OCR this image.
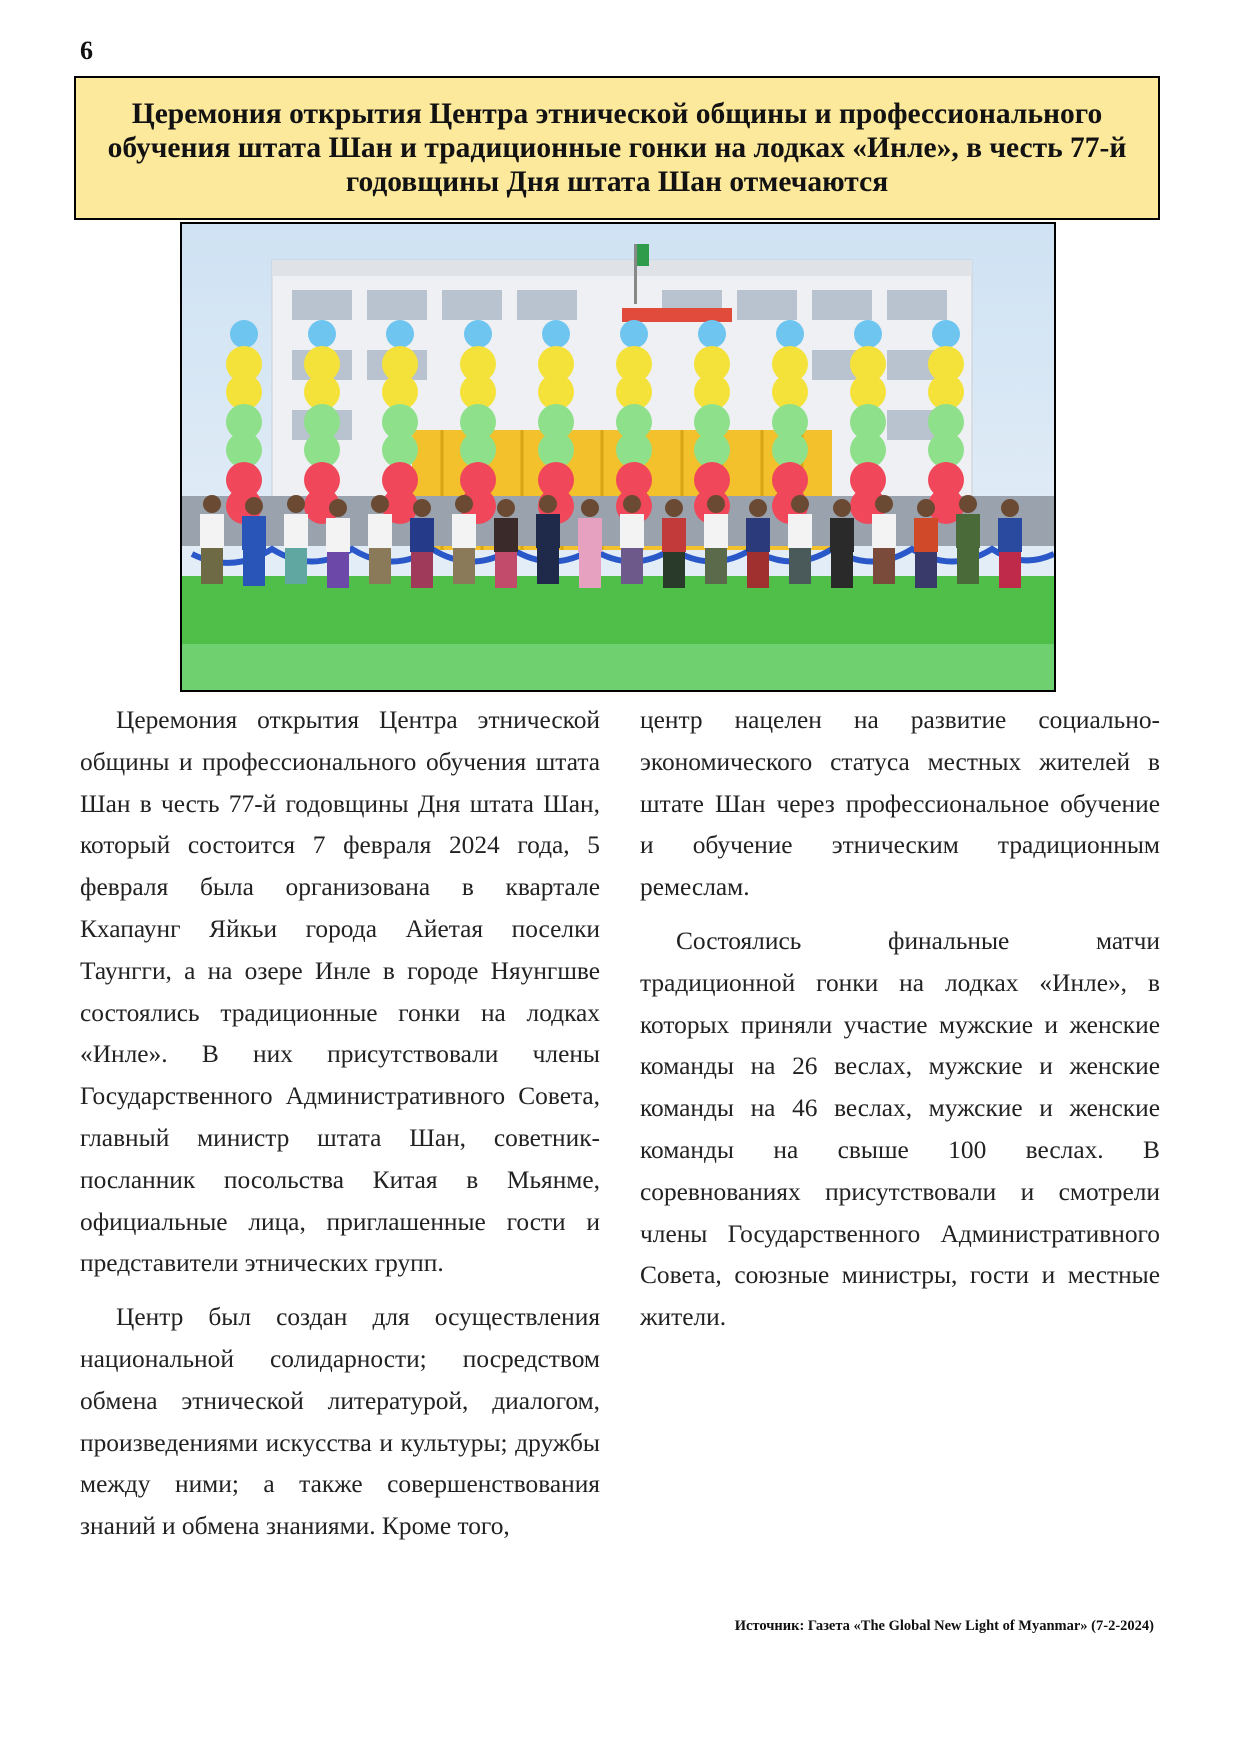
6
Церемония открытия Центра этнической общины и профессионального обучения штата Шан и традиционные гонки на лодках «Инле», в честь 77-й годовщины Дня штата Шан отмечаются

Церемония открытия Центра этнической общины и профессионального обучения штата Шан в честь 77-й годовщины Дня штата Шан, который состоится 7 февраля 2024 года, 5 февраля была организована в квартале Кхапаунг Яйкьи города Айетая поселки Таунгги, а на озере Инле в городе Няунгшве состоялись традиционные гонки на лодках «Инле». В них присутствовали члены Государственного Административного Совета, главный министр штата Шан, советник-посланник посольства Китая в Мьянме, официальные лица, приглашенные гости и представители этнических групп.

Центр был создан для осуществления национальной солидарности; посредством обмена этнической литературой, диалогом, произведениями искусства и культуры; дружбы между ними; а также совершенствования знаний и обмена знаниями. Кроме того,

центр нацелен на развитие социально-экономического статуса местных жителей в штате Шан через профессиональное обучение и обучение этническим традиционным ремеслам.

Состоялись финальные матчи традиционной гонки на лодках «Инле», в которых приняли участие мужские и женские команды на 26 веслах, мужские и женские команды на 46 веслах, мужские и женские команды на свыше 100 веслах. В соревнованиях присутствовали и смотрели члены Государственного Административного Совета, союзные министры, гости и местные жители.

Источник: Газета «The Global New Light of Myanmar» (7-2-2024)
